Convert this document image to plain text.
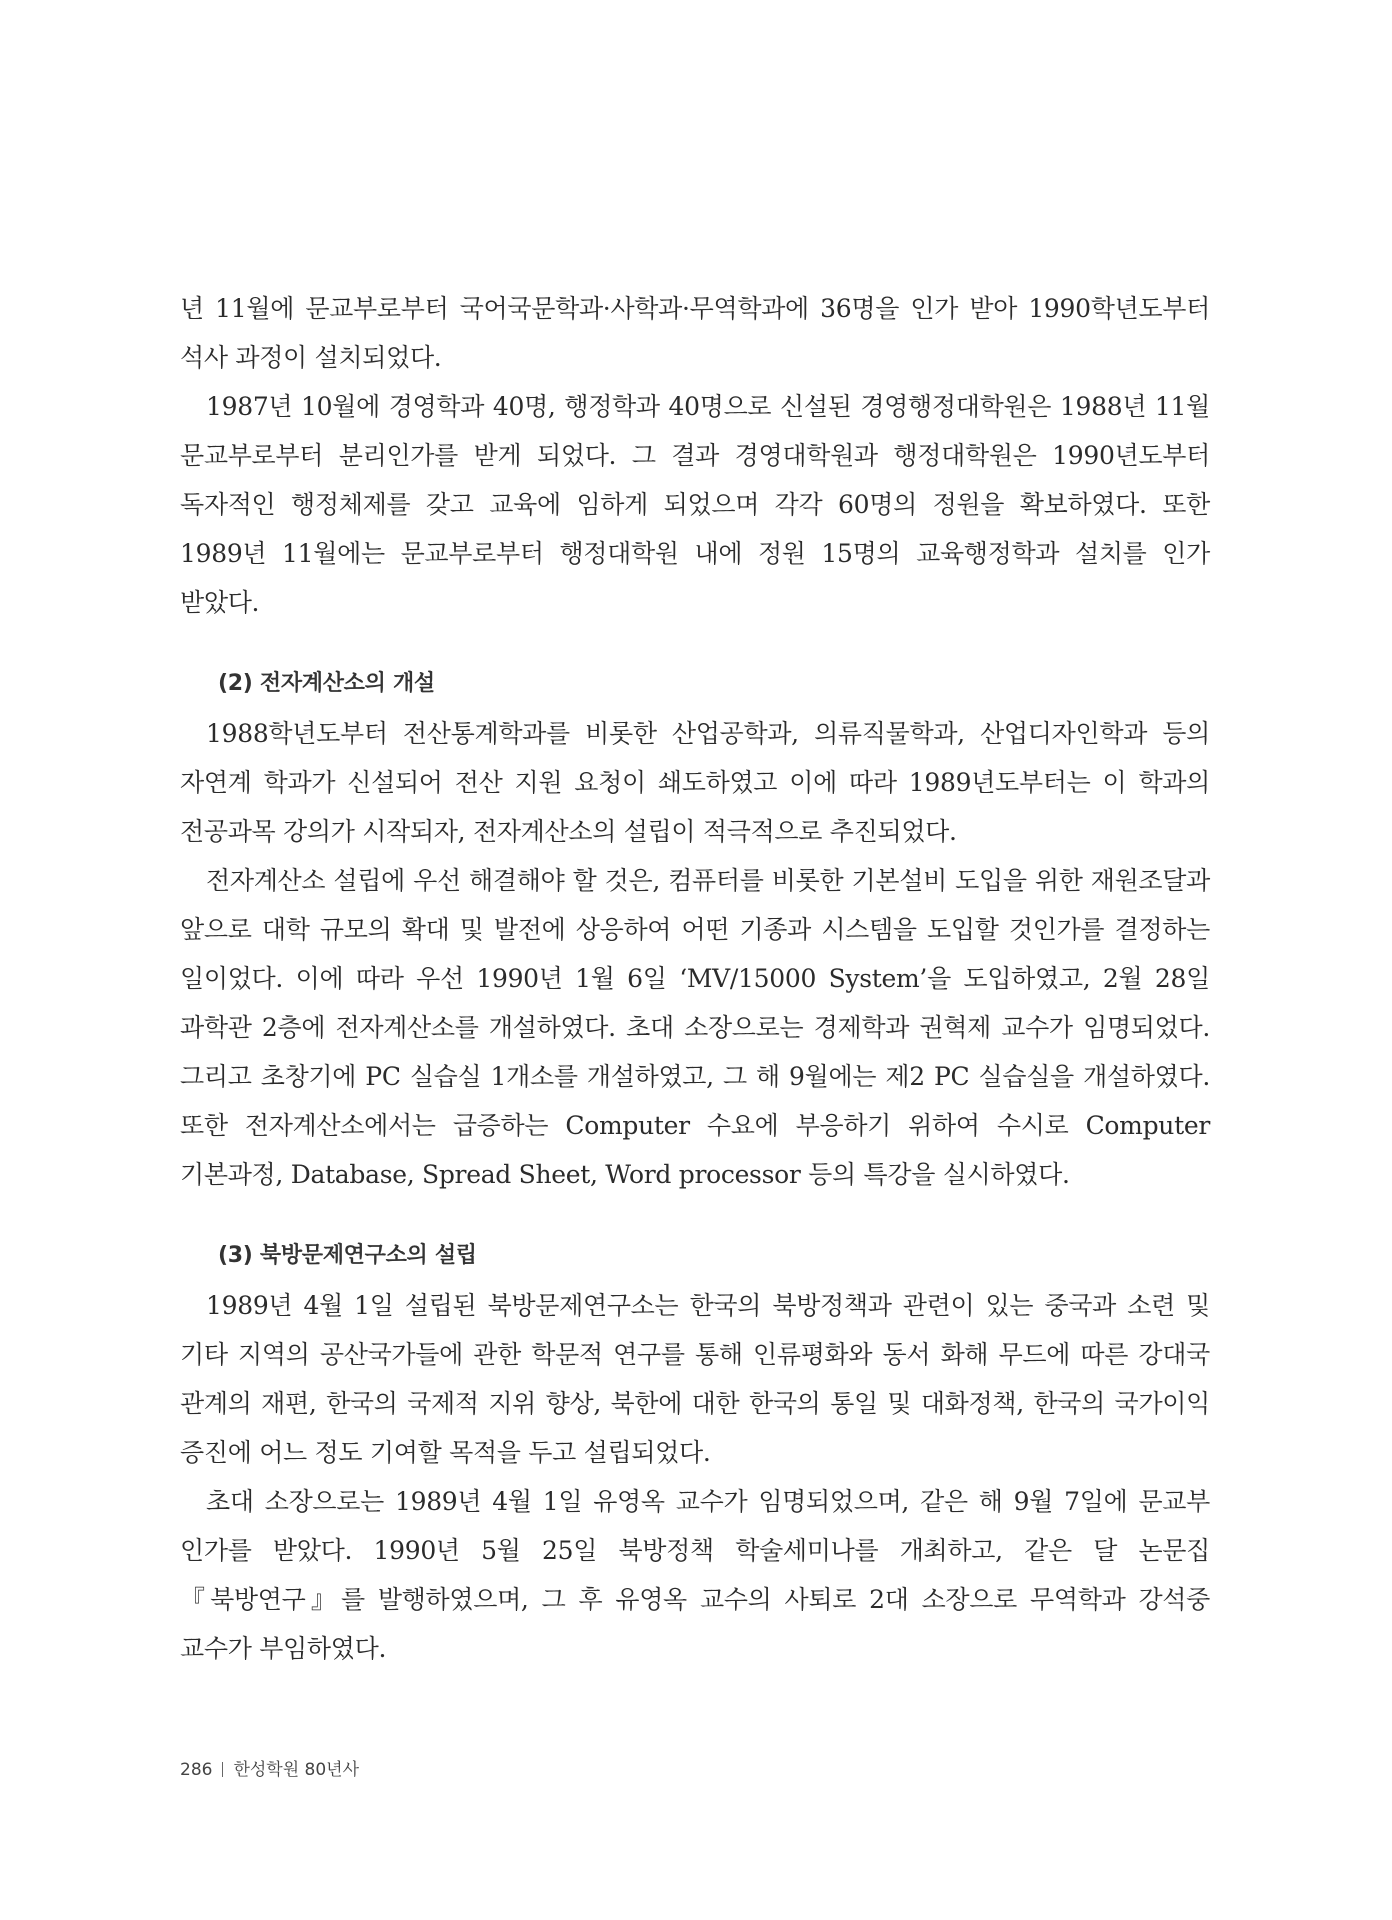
년 11월에 문교부로부터 국어국문학과·사학과·무역학과에 36명을 인가 받아 1990학년도부터 석사 과정이 설치되었다.

1987년 10월에 경영학과 40명, 행정학과 40명으로 신설된 경영행정대학원은 1988년 11월 문교부로부터 분리인가를 받게 되었다. 그 결과 경영대학원과 행정대학원은 1990년도부터 독자적인 행정체제를 갖고 교육에 임하게 되었으며 각각 60명의 정원을 확보하였다. 또한 1989년 11월에는 문교부로부터 행정대학원 내에 정원 15명의 교육행정학과 설치를 인가 받았다.

(2) 전자계산소의 개설

1988학년도부터 전산통계학과를 비롯한 산업공학과, 의류직물학과, 산업디자인학과 등의 자연계 학과가 신설되어 전산 지원 요청이 쇄도하였고 이에 따라 1989년도부터는 이 학과의 전공과목 강의가 시작되자, 전자계산소의 설립이 적극적으로 추진되었다.

전자계산소 설립에 우선 해결해야 할 것은, 컴퓨터를 비롯한 기본설비 도입을 위한 재원조달과 앞으로 대학 규모의 확대 및 발전에 상응하여 어떤 기종과 시스템을 도입할 것인가를 결정하는 일이었다. 이에 따라 우선 1990년 1월 6일 ‘MV/15000 System’을 도입하였고, 2월 28일 과학관 2층에 전자계산소를 개설하였다. 초대 소장으로는 경제학과 권혁제 교수가 임명되었다. 그리고 초창기에 PC 실습실 1개소를 개설하였고, 그 해 9월에는 제2 PC 실습실을 개설하였다. 또한 전자계산소에서는 급증하는 Computer 수요에 부응하기 위하여 수시로 Computer 기본과정, Database, Spread Sheet, Word processor 등의 특강을 실시하였다.

(3) 북방문제연구소의 설립

1989년 4월 1일 설립된 북방문제연구소는 한국의 북방정책과 관련이 있는 중국과 소련 및 기타 지역의 공산국가들에 관한 학문적 연구를 통해 인류평화와 동서 화해 무드에 따른 강대국 관계의 재편, 한국의 국제적 지위 향상, 북한에 대한 한국의 통일 및 대화정책, 한국의 국가이익 증진에 어느 정도 기여할 목적을 두고 설립되었다.

초대 소장으로는 1989년 4월 1일 유영옥 교수가 임명되었으며, 같은 해 9월 7일에 문교부 인가를 받았다. 1990년 5월 25일 북방정책 학술세미나를 개최하고, 같은 달 논문집 『북방연구』를 발행하였으며, 그 후 유영옥 교수의 사퇴로 2대 소장으로 무역학과 강석중 교수가 부임하였다.

286 한성학원 80년사
